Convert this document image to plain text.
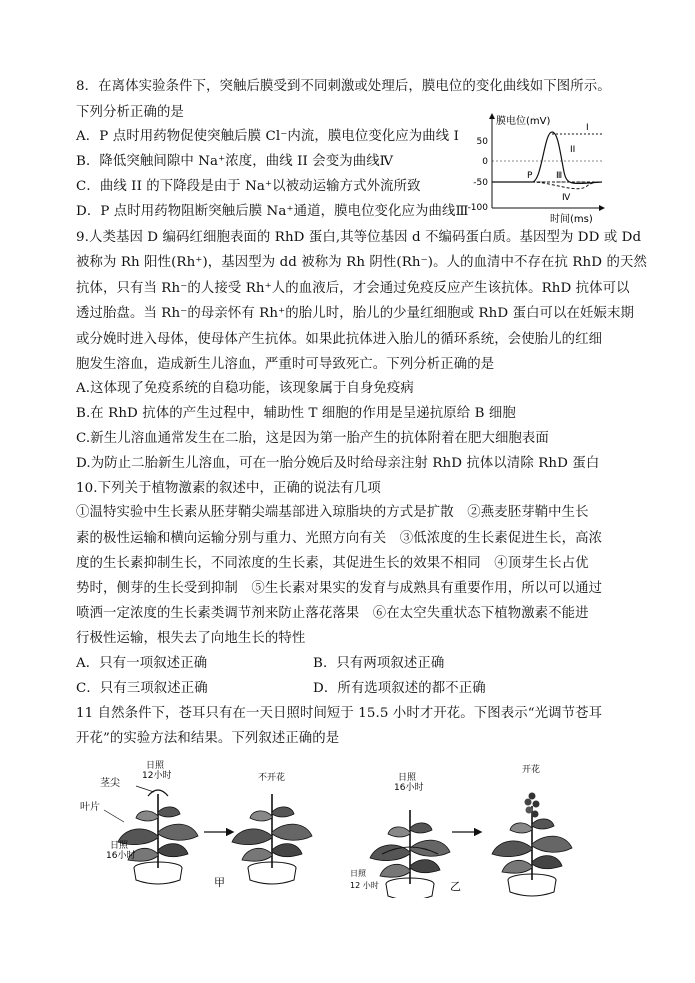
8．在离体实验条件下，突触后膜受到不同刺激或处理后，膜电位的变化曲线如下图所示。
下列分析正确的是
A．P 点时用药物促使突触后膜 Cl⁻内流，膜电位变化应为曲线 I
B．降低突触间隙中 Na⁺浓度，曲线 II 会变为曲线Ⅳ
C．曲线 II 的下降段是由于 Na⁺以被动运输方式外流所致
D．P 点时用药物阻断突触后膜 Na⁺通道，膜电位变化应为曲线Ⅲ
膜电位(mV)
时间(ms)
50
0
-50
-100
P
I
II
Ⅲ
Ⅳ
9.人类基因 D 编码红细胞表面的 RhD 蛋白,其等位基因 d 不编码蛋白质。基因型为 DD 或 Dd
被称为 Rh 阳性(Rh⁺)，基因型为 dd 被称为 Rh 阴性(Rh⁻)。人的血清中不存在抗 RhD 的天然
抗体，只有当 Rh⁻的人接受 Rh⁺人的血液后，才会通过免疫反应产生该抗体。RhD 抗体可以
透过胎盘。当 Rh⁻的母亲怀有 Rh⁺的胎儿时，胎儿的少量红细胞或 RhD 蛋白可以在妊娠末期
或分娩时进入母体，使母体产生抗体。如果此抗体进入胎儿的循环系统，会使胎儿的红细
胞发生溶血，造成新生儿溶血，严重时可导致死亡。下列分析正确的是
A.这体现了免疫系统的自稳功能，该现象属于自身免疫病
B.在 RhD 抗体的产生过程中，辅助性 T 细胞的作用是呈递抗原给 B 细胞
C.新生儿溶血通常发生在二胎，这是因为第一胎产生的抗体附着在肥大细胞表面
D.为防止二胎新生儿溶血，可在一胎分娩后及时给母亲注射 RhD 抗体以清除 RhD 蛋白
10.下列关于植物激素的叙述中，正确的说法有几项
①温特实验中生长素从胚芽鞘尖端基部进入琼脂块的方式是扩散　②燕麦胚芽鞘中生长
素的极性运输和横向运输分别与重力、光照方向有关　③低浓度的生长素促进生长，高浓
度的生长素抑制生长，不同浓度的生长素，其促进生长的效果不相同　④顶芽生长占优
势时，侧芽的生长受到抑制　⑤生长素对果实的发育与成熟具有重要作用，所以可以通过
喷洒一定浓度的生长素类调节剂来防止落花落果　⑥在太空失重状态下植物激素不能进
行极性运输，根失去了向地生长的特性
A．只有一项叙述正确	B．只有两项叙述正确
C．只有三项叙述正确	D．所有选项叙述的都不正确
11 自然条件下，苍耳只有在一天日照时间短于 15.5 小时才开花。下图表示“光调节苍耳
开花”的实验方法和结果。下列叙述正确的是
茎尖
叶片
日照
12小时
日照
16小时
不开花
甲
日照
16小时
日照
12 小时
开花
乙
